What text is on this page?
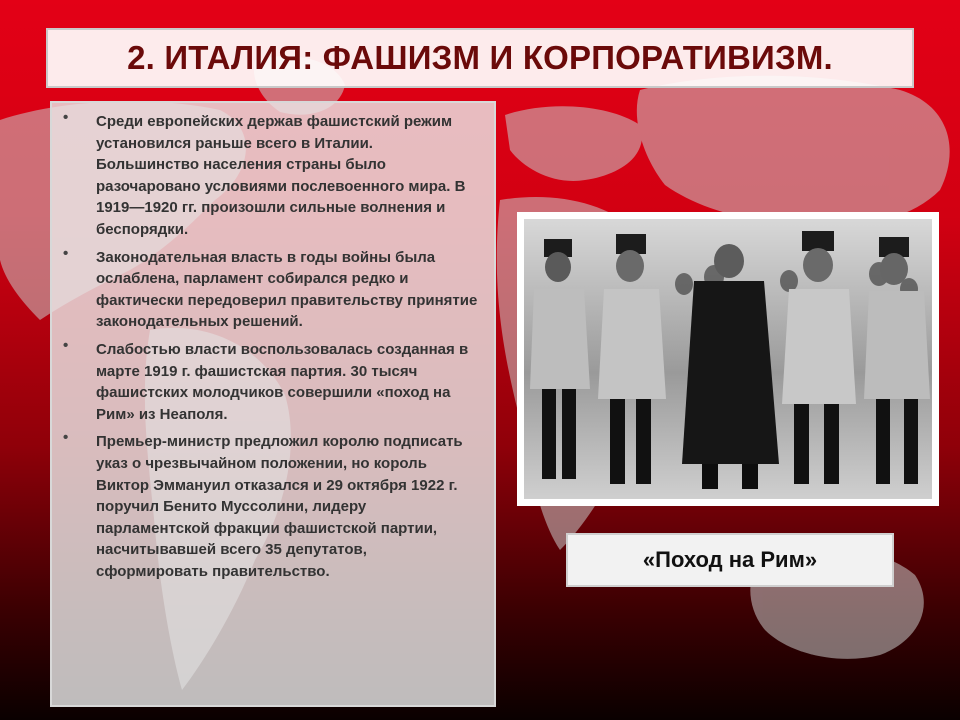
2. ИТАЛИЯ: ФАШИЗМ И КОРПОРАТИВИЗМ.
• Среди европейских держав фашистский режим установился раньше всего в Италии. Большинство населения страны было разочаровано условиями послевоенного мира. В 1919—1920 гг. произошли сильные волнения и беспорядки.
• Законодательная власть в годы войны была ослаблена, парламент собирался редко и фактически передоверил правительству принятие законодательных решений.
• Слабостью власти воспользовалась созданная в марте 1919 г. фашистская партия. 30 тысяч фашистских молодчиков совершили «поход на Рим» из Неаполя.
• Премьер-министр предложил королю подписать указ о чрезвычайном положении, но король Виктор Эммануил отказался и 29 октября 1922 г. поручил Бенито Муссолини, лидеру парламентской фракции фашистской партии, насчитывавшей всего 35 депутатов, сформировать правительство.	«Поход на Рим»
